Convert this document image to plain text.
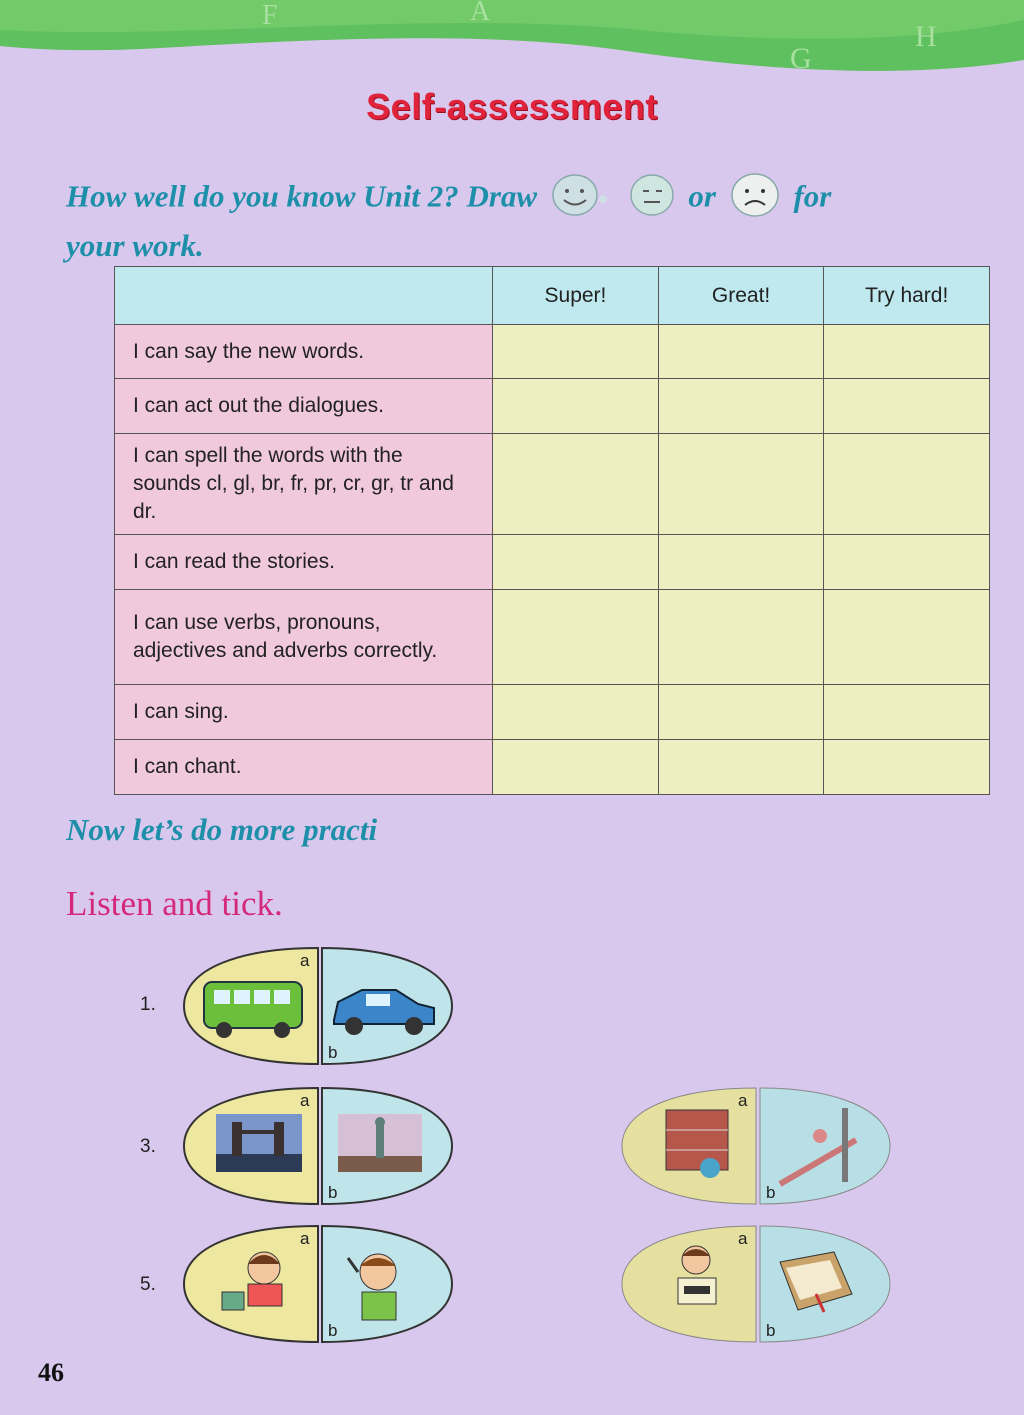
F	A
G
H
Self-assessment
How well do you know Unit 2? Draw	or	for
your work.
	Super!	Great!	Try hard!
I can say the new words.			
I can act out the dialogues.			
I can spell the words with the sounds cl, gl, br, fr, pr, cr, gr, tr and dr.			
I can read the stories.			
I can use verbs, pronouns, adjectives and adverbs correctly.			
I can sing.			
I can chant.			
Now let’s do more practi
Listen and tick.
1.
a
b
3.
a
b
5.
a
b
a
b
a
b
46
